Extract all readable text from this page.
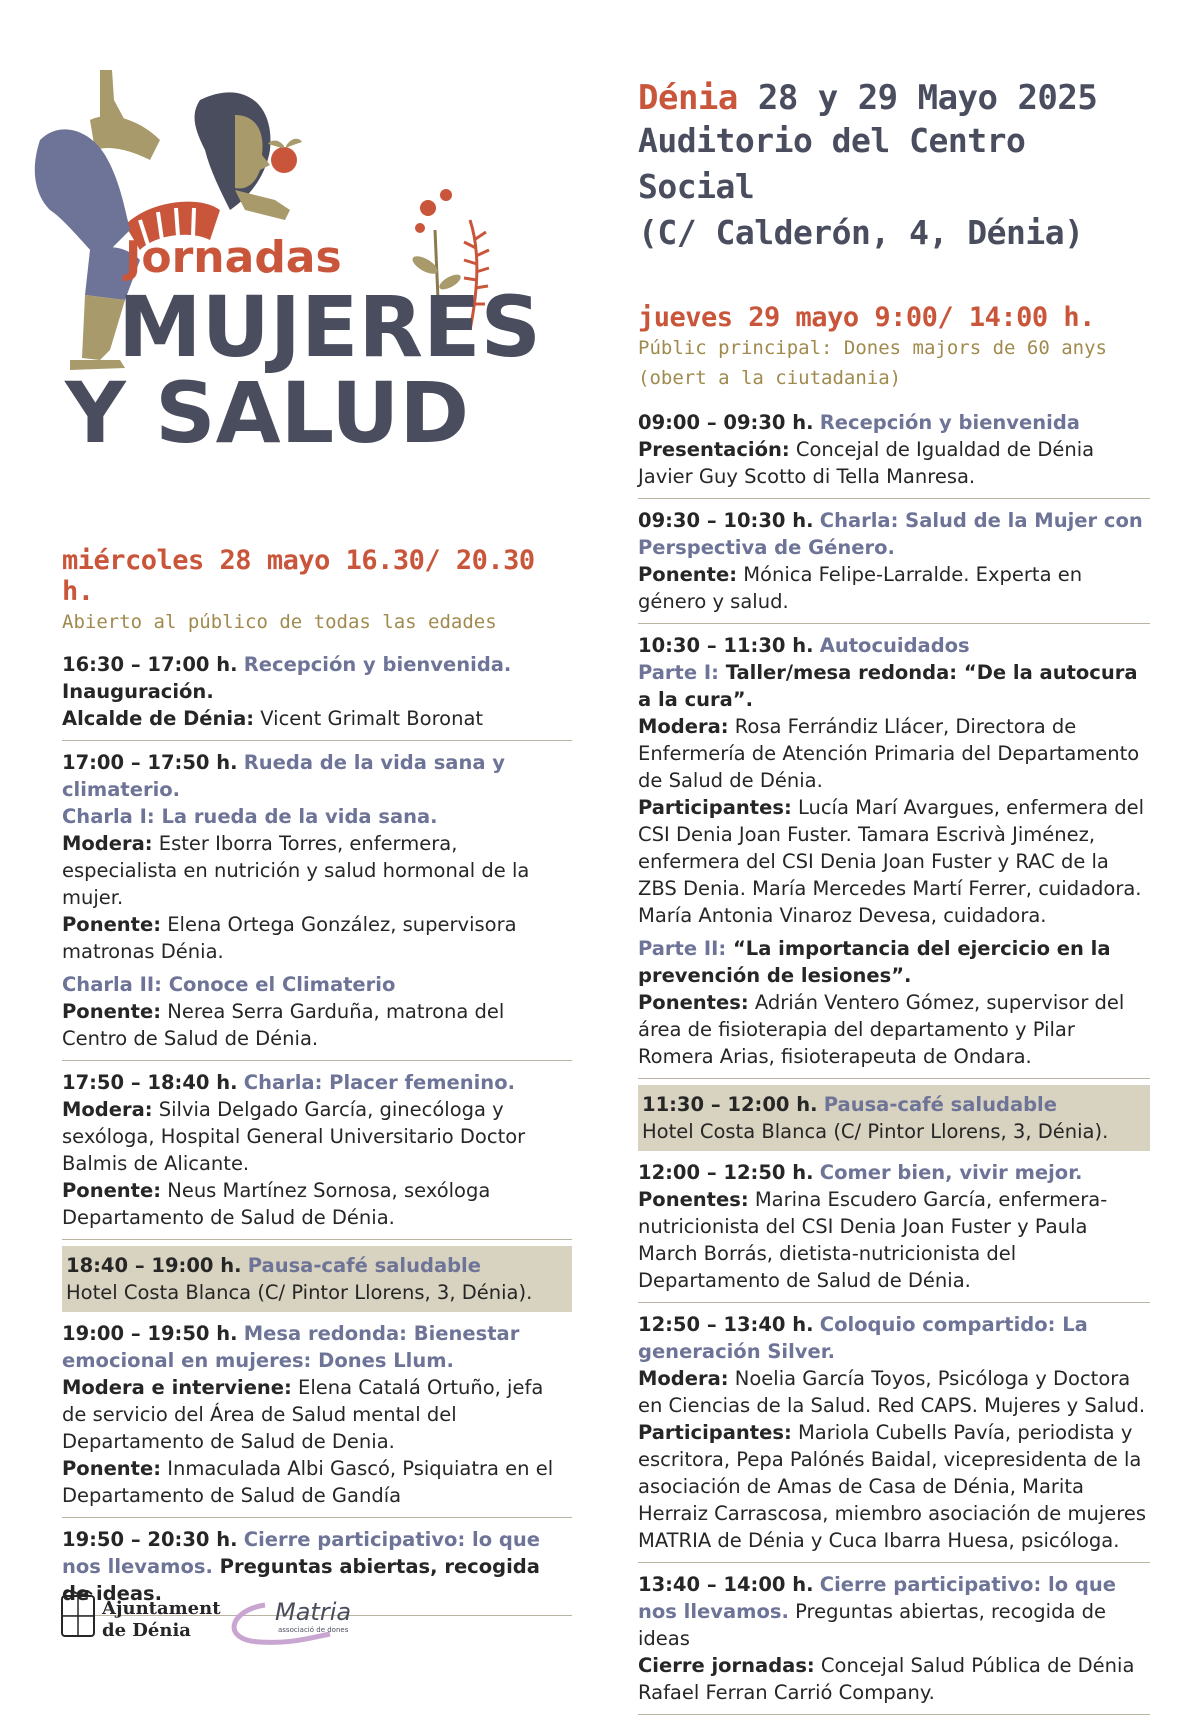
Jornadas
MUJERES
Y SALUD
Dénia 28 y 29 Mayo 2025
Auditorio del Centro Social
(C/ Calderón, 4, Dénia)
jueves 29 mayo 9:00/ 14:00 h.
Públic principal: Dones majors de 60 anys
(obert a la ciutadania)

09:00 – 09:30 h. Recepción y bienvenida

Presentación: Concejal de Igualdad de Dénia Javier Guy Scotto di Tella Manresa.

09:30 – 10:30 h. Charla: Salud de la Mujer con Perspectiva de Género.

Ponente: Mónica Felipe-Larralde. Experta en género y salud.

10:30 – 11:30 h. Autocuidados

Parte I: Taller/mesa redonda: “De la autocura a la cura”.

Modera: Rosa Ferrándiz Llácer, Directora de Enfermería de Atención Primaria del Departamento de Salud de Dénia.

Participantes: Lucía Marí Avargues, enfermera del CSI Denia Joan Fuster. Tamara Escrivà Jiménez, enfermera del CSI Denia Joan Fuster y RAC de la ZBS Denia. María Mercedes Martí Ferrer, cuidadora. María Antonia Vinaroz Devesa, cuidadora.

Parte II: “La importancia del ejercicio en la prevención de lesiones”.

Ponentes: Adrián Ventero Gómez, supervisor del área de fisioterapia del departamento y Pilar Romera Arias, fisioterapeuta de Ondara.

11:30 – 12:00 h. Pausa-café saludable

Hotel Costa Blanca (C/ Pintor Llorens, 3, Dénia).

12:00 – 12:50 h. Comer bien, vivir mejor.

Ponentes: Marina Escudero García, enfermera-nutricionista del CSI Denia Joan Fuster y Paula March Borrás, dietista-nutricionista del Departamento de Salud de Dénia.

12:50 – 13:40 h. Coloquio compartido: La generación Silver.

Modera: Noelia García Toyos, Psicóloga y Doctora en Ciencias de la Salud. Red CAPS. Mujeres y Salud.

Participantes: Mariola Cubells Pavía, periodista y escritora, Pepa Palónés Baidal, vicepresidenta de la asociación de Amas de Casa de Dénia, Marita Herraiz Carrascosa, miembro asociación de mujeres MATRIA de Dénia y Cuca Ibarra Huesa, psicóloga.

13:40 – 14:00 h. Cierre participativo: lo que nos llevamos. Preguntas abiertas, recogida de ideas

Cierre jornadas: Concejal Salud Pública de Dénia Rafael Ferran Carrió Company.

miércoles 28 mayo 16.30/ 20.30 h.
Abierto al público de todas las edades

16:30 – 17:00 h. Recepción y bienvenida.

Inauguración.

Alcalde de Dénia: Vicent Grimalt Boronat

17:00 – 17:50 h. Rueda de la vida sana y climaterio.

Charla I: La rueda de la vida sana.

Modera: Ester Iborra Torres, enfermera, especialista en nutrición y salud hormonal de la mujer.

Ponente: Elena Ortega González, supervisora matronas Dénia.

Charla II: Conoce el Climaterio

Ponente: Nerea Serra Garduña, matrona del Centro de Salud de Dénia.

17:50 – 18:40 h. Charla: Placer femenino.

Modera: Silvia Delgado García, ginecóloga y sexóloga, Hospital General Universitario Doctor Balmis de Alicante.

Ponente: Neus Martínez Sornosa, sexóloga Departamento de Salud de Dénia.

18:40 – 19:00 h. Pausa-café saludable

Hotel Costa Blanca (C/ Pintor Llorens, 3, Dénia).

19:00 – 19:50 h. Mesa redonda: Bienestar emocional en mujeres: Dones Llum.

Modera e interviene: Elena Catalá Ortuño, jefa de servicio del Área de Salud mental del Departamento de Salud de Denia.

Ponente: Inmaculada Albi Gascó, Psiquiatra en el Departamento de Salud de Gandía

19:50 – 20:30 h. Cierre participativo: lo que nos llevamos. Preguntas abiertas, recogida de ideas.

Ajuntament
de Dénia
Matria
associació de dones
